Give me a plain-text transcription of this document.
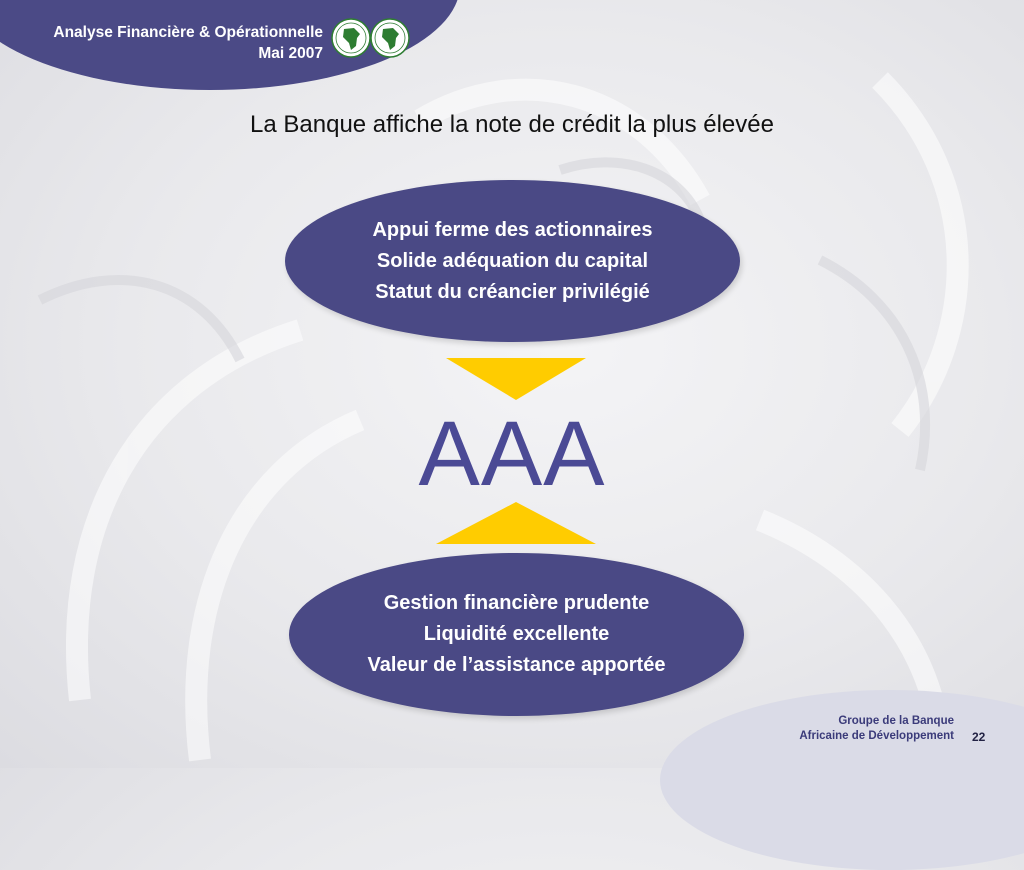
Analyse Financière & Opérationnelle
Mai 2007
La Banque affiche la note de crédit la plus élevée
Appui ferme des actionnaires
Solide adéquation du capital
Statut du créancier privilégié
AAA
Gestion financière prudente
Liquidité excellente
Valeur de l’assistance apportée
Groupe de la Banque
Africaine de Développement 22
